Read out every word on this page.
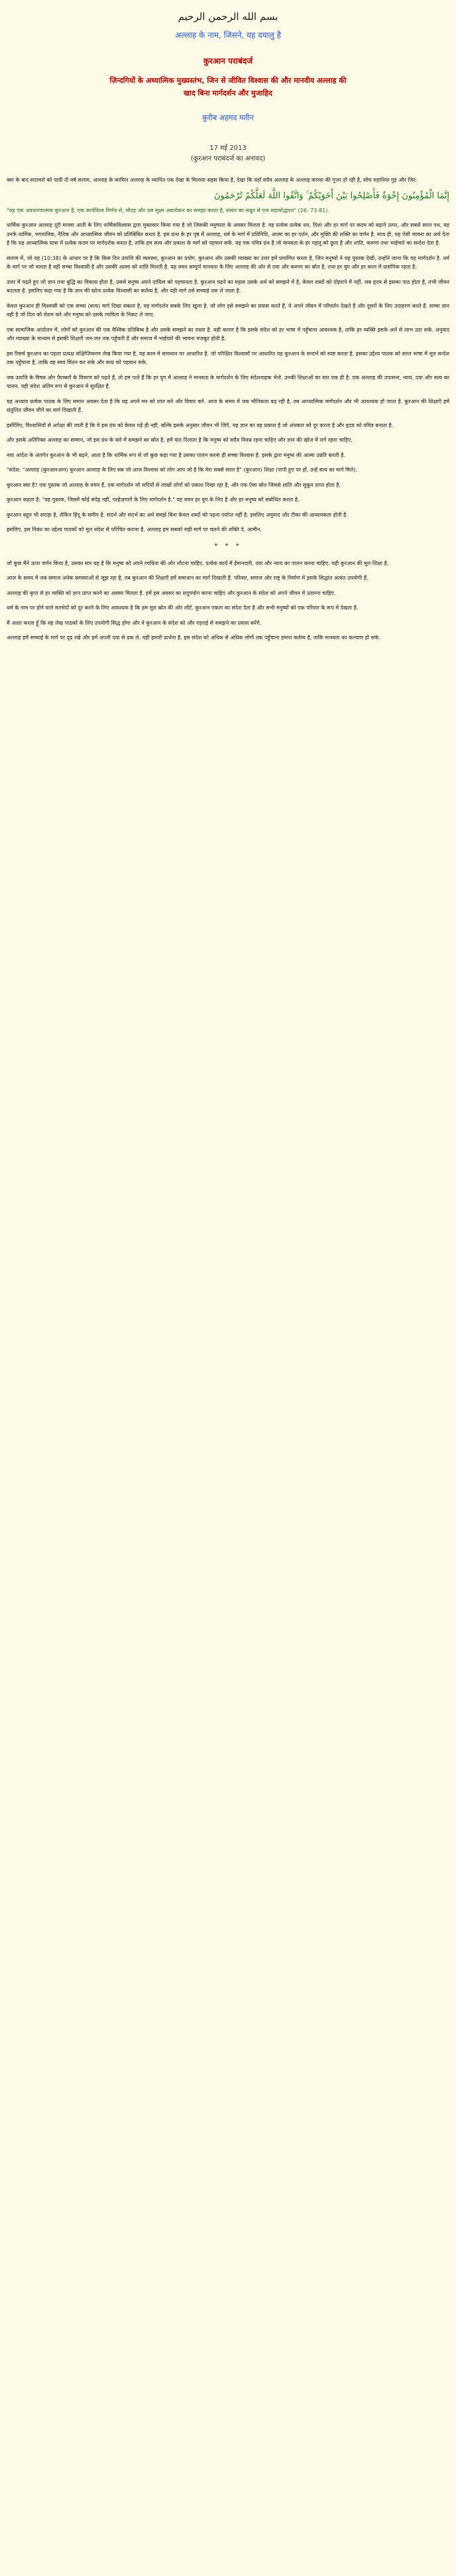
بسم الله الرحمن الرحيم
अल्लाह के नाम, जिसने, यह दयालु है
कुरआन पराबंदर्ज
ज़िन्दगियों के अध्यात्मिक मुख्यस्तंभ, जिन से जीवित विश्वास की और मानवीय अल्लाह की
खाद बिना मार्गदर्शन और मुजाहिद
कुरीब अहमद मतीन
17 मई 2013
(कुरआन पराबंदर्ज का अनावद)

क्या के बाद सदाचरो को पाय़ी दी वर्ष सलाम, अल्लाह के कामिल अल्लाह के व्यापित एक देखा के मिलाया सहस किया है, देखा कि यहाँ सदैव अल्लाह के अल्लाह कारवा की गुज़र हो रही है, सोच रुहानिया गुड़ और जिर:

إِنَّمَا الْمُؤْمِنُونَ إِخْوَةٌ فَأَصْلِحُوا بَيْنَ أَخَوَيْكُمْ ۚ وَاتَّقُوا اللَّهَ لَعَلَّكُمْ تُرْحَمُونَ

"यह एक अवधारणात्मक कुरआन है, एक कार्यविश्व निर्णय से, चौदह और उस सूक्ष्म अवलोकन का समझा करता है, संसार का सबूत से एक सहायोद्धारत" (26: 73-81).

धार्मिक कुरआन अल्लाह दूरी मानवा आती के लिए धार्मिकविश्वास द्वारा मुक्तसार किया गया है जो जिसकी मनुष्यता के अवसर मिलता है. वह प्रत्येक प्रत्येक धन, दिशा और हर मार्ग पर कदम को बढ़ाने तत्पर, और सबसे सरल पथ, यह उनके धार्मिक, भगवानिक, नैतिक और आध्यात्मिक जीवन को प्रतिबिंबित करता है. इस ग्रन्थ के हर पृष्ठ में अल्लाह, धर्म के मार्ग में प्रतिनिधि, आत्मा का हर दर्शन, और मुक्ति की शक्ति का वर्णन है. साथ ही, यह ऐसी भावना का अर्थ देता है कि यह आध्यात्मिक यात्रा में प्रत्येक कदम पर मार्गदर्शक बनता है, ताकि हम सत्य और प्रकाश के मार्ग को पहचान सकें. यह एक पवित्र ग्रंथ है जो मानवता के हर पहलू को छूता है और शांति, करुणा तथा भाईचारे का सन्देश देता है.

सलाम में, जो यह (10:38) के आधार पर है कि किस दिन उत्पत्ति की व्यवस्था, कुरआन का प्रयोग, कुरआन और उसकी व्याख्या का उत्तर हमें प्रमाणित करता है, जिन मनुष्यों ने यह पुस्तक देखी, उन्होंने जाना कि यह मार्गदर्शन है. धर्म के मार्ग पर जो चलता है वही सच्चा विश्वासी है और उसकी आत्मा को शांति मिलती है. यह वचन सम्पूर्ण मानवता के लिए अल्लाह की ओर से दया और करुणा का स्रोत है, तथा हर युग और हर काल में प्रासंगिक रहता है.

उत्तर में पढ़ते हुए जो ज्ञान तथा बुद्धि का विकास होता है, उससे मनुष्य अपने दायित्व को पहचानता है. कुरआन पढ़ने का महत्व उसके अर्थ को समझने में है, केवल शब्दों को दोहराने में नहीं. जब हृदय से इसका पाठ होता है, तभी जीवन बदलता है. इसलिए कहा गया है कि ज्ञान की खोज प्रत्येक विश्वासी का कर्तव्य है, और यही मार्ग उसे सच्चाई तक ले जाता है.

केवल कुरआन ही विश्वासी को एक सच्चा (सत्य) मार्ग दिखा सकता है, यह मार्गदर्शन सबके लिए खुला है. जो लोग इसे समझने का प्रयास करते हैं, वे अपने जीवन में परिवर्तन देखते हैं और दूसरों के लिए उदाहरण बनते हैं. सच्चा ज्ञान वही है जो दिल को रोशन करे और मनुष्य को उसके रचयिता के निकट ले जाए.

एक सामाजिक आंदोलन में, लोगों को कुरआन की एक वैश्विक प्रतिबिम्ब है और उसके समझने का रास्ता है. यही कारण है कि इसके संदेश को हर भाषा में पहुँचाना आवश्यक है, ताकि हर व्यक्ति इसके अर्थ से लाभ उठा सके. अनुवाद और व्याख्या के माध्यम से इसकी शिक्षाएँ जन-जन तक पहुँचती हैं और समाज में भाईचारे की भावना मजबूत होती है.

इस रिसर्च कुरआन का पहला प्रत्यक्ष संक्षिप्तिकरण लेख किया गया है, यह काम मे सावधान पर आधारित है. जो परिक्षित विश्वासों पर आधारित यह कुरआन के सन्दर्भ को स्पष्ट करता है. इसका उद्देश्य पाठक को सरल भाषा में मूल सन्देश तक पहुँचाना है, ताकि वह स्वयं चिंतन कर सके और सत्य को पहचान सके.

जब उत्पत्ति के विषय और पैग़म्बरों के विवरण को पढ़ते हैं, तो हम पाते हैं कि हर युग में अल्लाह ने मानवता के मार्गदर्शन के लिए संदेशवाहक भेजे. उनकी शिक्षाओं का सार एक ही है: एक अल्लाह की उपासना, न्याय, दया और सत्य का पालन. यही संदेश अंतिम रूप से कुरआन में सुरक्षित है.

यह अध्याय प्रत्येक पाठक के लिए समान अवसर देता है कि वह अपने मन को शांत करे और विचार करे. आज के समय में जब भौतिकता बढ़ रही है, तब आध्यात्मिक मार्गदर्शन और भी आवश्यक हो जाता है. कुरआन की शिक्षाएँ हमें संतुलित जीवन जीने का मार्ग दिखाती हैं.

इसीलिए, विश्वासियों से अपेक्षा की जाती है कि वे इस ग्रंथ को केवल पढ़ें ही नहीं, बल्कि इसके अनुसार जीवन भी जिएँ. यह ज्ञान का वह प्रकाश है जो अंधकार को दूर करता है और हृदय को पवित्र बनाता है.

और इसके अतिरिक्त अल्लाह का सम्मान, जो इस ग्रंथ के बारे में समझने का स्रोत है, हमें याद दिलाता है कि मनुष्य को सदैव विनम्र रहना चाहिए और ज्ञान की खोज में लगे रहना चाहिए.

नया आदेश के अंतर्गत कुरआन के भी बढ़ने, आता है कि धार्मिक रूप से जो कुछ कहा गया है उसका पालन करना ही सच्चा विश्वास है. इसके द्वारा मनुष्य की आत्मा उन्नति करती है.

"संदेश: "अल्लाह (कुरआनआन) कुरआन अल्लाह के लिए सब जो आज विश्वास को लोग आप जो है कि मेरा सबसे सरल है" (कुरआन) शिक्षा (पापी हुए पर हों, उन्हें सत्य का मार्ग मिले).

कुरआन क्या है? एक पुस्तक जो अल्लाह के वचन हैं, एक मार्गदर्शन जो सदियों से लाखों लोगों को प्रकाश दिखा रहा है, और एक ऐसा स्रोत जिससे शांति और सुकून प्राप्त होता है.

कुरआन कहता है: "वह पुस्तक, जिसमें कोई संदेह नहीं, परहेज़गारों के लिए मार्गदर्शन है." यह वचन हर युग के लिए है और हर मनुष्य को संबोधित करता है.

कुरआन बहुत भी सराहा है, लेकिन हिंदू के समीप है. संदर्भ और संदर्भ का अर्थ समझे बिना केवल शब्दों को पढ़ना पर्याप्त नहीं है. इसलिए अनुवाद और टीका की आवश्यकता होती है.

इसलिए, इस निबंध का उद्देश्य पाठकों को मूल संदेश से परिचित कराना है. अल्लाह हम सबको सही मार्ग पर चलने की शक्ति दे. आमीन.

* * *

जो कुछ मैंने ऊपर वर्णन किया है, उसका सार यह है कि मनुष्य को अपने रचयिता की ओर लौटना चाहिए. प्रत्येक कार्य में ईमानदारी, दया और न्याय का पालन करना चाहिए. यही कुरआन की मूल शिक्षा है.

आज के समय में जब समाज अनेक समस्याओं से जूझ रहा है, तब कुरआन की शिक्षाएँ हमें समाधान का मार्ग दिखाती हैं. परिवार, समाज और राष्ट्र के निर्माण में इसके सिद्धांत अत्यंत उपयोगी हैं.

अल्लाह की कृपा से हर व्यक्ति को ज्ञान प्राप्त करने का अवसर मिलता है. हमें इस अवसर का सदुपयोग करना चाहिए और कुरआन के संदेश को अपने जीवन में उतारना चाहिए.

धर्म के नाम पर होने वाले मतभेदों को दूर करने के लिए आवश्यक है कि हम मूल स्रोत की ओर लौटें. कुरआन एकता का संदेश देता है और सभी मनुष्यों को एक परिवार के रूप में देखता है.

मैं आशा करता हूँ कि यह लेख पाठकों के लिए उपयोगी सिद्ध होगा और वे कुरआन के संदेश को और गहराई से समझने का प्रयास करेंगे.

अल्लाह हमें सच्चाई के मार्ग पर दृढ़ रखे और हमें अपनी दया से ढक ले. यही हमारी प्रार्थना है. इस संदेश को अधिक से अधिक लोगों तक पहुँचाना हमारा कर्तव्य है, ताकि मानवता का कल्याण हो सके.
